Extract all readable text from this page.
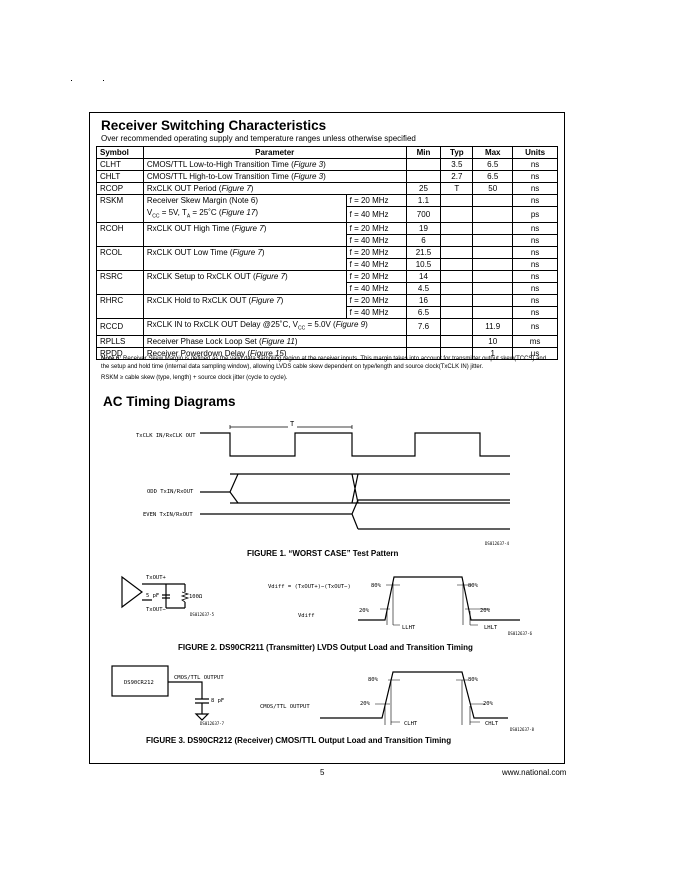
Receiver Switching Characteristics
Over recommended operating supply and temperature ranges unless otherwise specified
Symbol	Parameter		Min	Typ	Max	Units
CLHT	CMOS/TTL Low-to-High Transition Time (Figure 3)			3.5	6.5	ns
CHLT	CMOS/TTL High-to-Low Transition Time (Figure 3)			2.7	6.5	ns
RCOP	RxCLK OUT Period (Figure 7)		25	T	50	ns
RSKM	Receiver Skew Margin (Note 6)	f = 20 MHz	1.1			ns
	$V_{CC} = 5V$, $T_A$ = 25˚C (Figure 17)	f = 40 MHz	700			ps
RCOH	RxCLK OUT High Time (Figure 7)	f = 20 MHz	19			ns
		f = 40 MHz	6			ns
RCOL	RxCLK OUT Low Time (Figure 7)	f = 20 MHz	21.5			ns
		f = 40 MHz	10.5			ns
RSRC	RxCLK Setup to RxCLK OUT (Figure 7)	f = 20 MHz	14			ns
		f = 40 MHz	4.5			ns
RHRC	RxCLK Hold to RxCLK OUT (Figure 7)	f = 20 MHz	16			ns
		f = 40 MHz	6.5			ns
RCCD	RxCLK IN to RxCLK OUT Delay @25˚C, $V_{CC} = 5.0V$ (Figure 9)		7.6		11.9	ns
RPLLS	Receiver Phase Lock Loop Set (Figure 11)				10	ms
RPDD	Receiver Powerdown Delay (Figure 15)				1	µs
Note 6: Receiver Skew Margin is defined as the valid data sampling region at the receiver inputs. This margin takes into account for transmitter output skew(TCCS) and the setup and hold time (internal data sampling window), allowing LVDS cable skew dependent on type/length and source clock(TxCLK IN) jitter.
RSKM ≥ cable skew (type, length) + source clock jitter (cycle to cycle).
AC Timing Diagrams
T
TxCLK IN/RxCLK OUT
ODD TxIN/RxOUT
EVEN TxIN/RxOUT
DS012637-4
TxOUT+
TxOUT−
5 pF	100Ω
DS012637-5
Vdiff = (TxOUT+)−(TxOUT−)
Vdiff
80%	80%
20%	20%
LLHT	LHLT
DS012637-6
DS90CR212
CMOS/TTL OUTPUT
8 pF
DS012637-7
CMOS/TTL OUTPUT
80%	80%
20%	20%
CLHT	CHLT
DS012637-8
FIGURE 1. “WORST CASE” Test Pattern
FIGURE 2. DS90CR211 (Transmitter) LVDS Output Load and Transition Timing
FIGURE 3. DS90CR212 (Receiver) CMOS/TTL Output Load and Transition Timing
5	www.national.com
